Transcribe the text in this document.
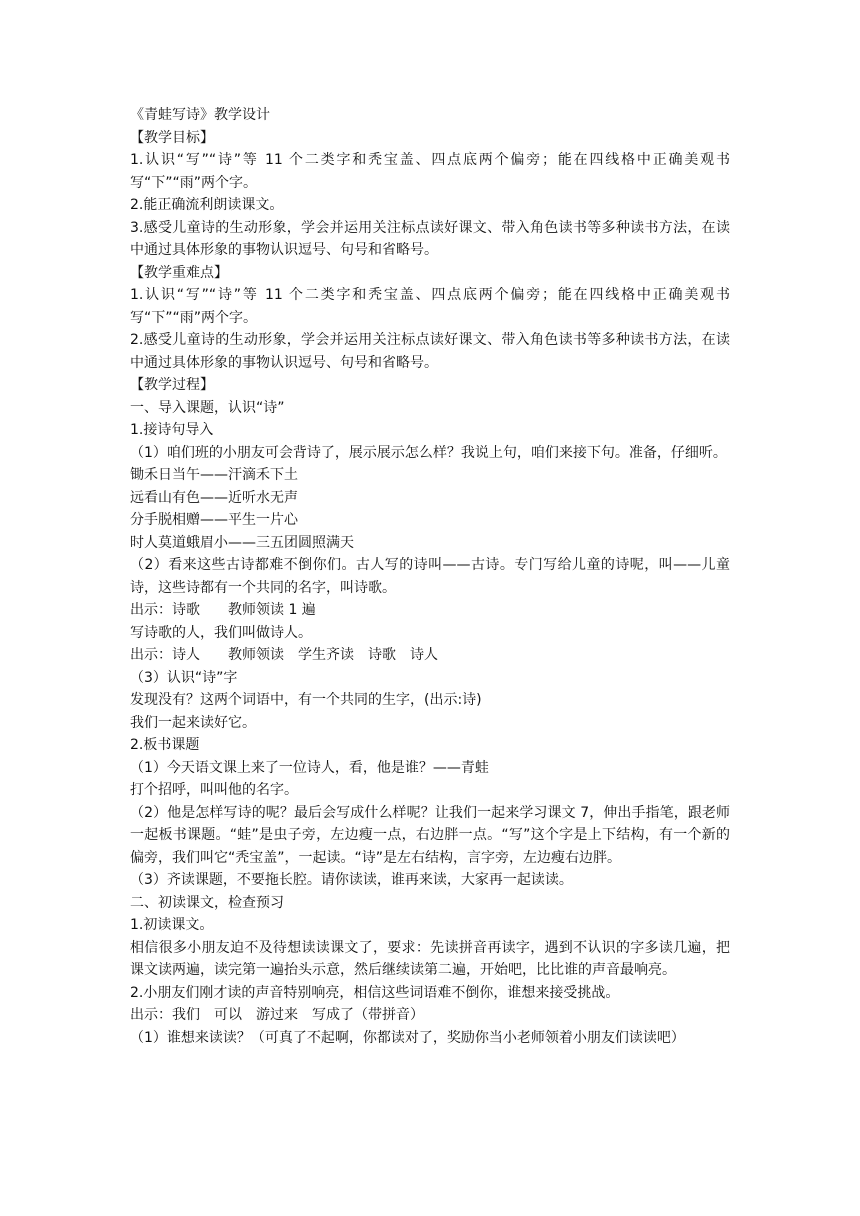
《青蛙写诗》教学设计
【教学目标】
1.认识“写”“诗”等 11 个二类字和秃宝盖、四点底两个偏旁；能在四线格中正确美观书写“下”“雨”两个字。
2.能正确流利朗读课文。
3.感受儿童诗的生动形象，学会并运用关注标点读好课文、带入角色读书等多种读书方法，在读中通过具体形象的事物认识逗号、句号和省略号。
【教学重难点】
1.认识“写”“诗”等 11 个二类字和秃宝盖、四点底两个偏旁；能在四线格中正确美观书写“下”“雨”两个字。
2.感受儿童诗的生动形象，学会并运用关注标点读好课文、带入角色读书等多种读书方法，在读中通过具体形象的事物认识逗号、句号和省略号。
【教学过程】
一、导入课题，认识“诗”
1.接诗句导入
（1）咱们班的小朋友可会背诗了，展示展示怎么样？我说上句，咱们来接下句。准备，仔细听。
锄禾日当午——汗滴禾下土
远看山有色——近听水无声
分手脱相赠——平生一片心
时人莫道蛾眉小——三五团圆照满天
（2）看来这些古诗都难不倒你们。古人写的诗叫——古诗。专门写给儿童的诗呢，叫——儿童诗，这些诗都有一个共同的名字，叫诗歌。
出示：诗歌　　教师领读 1 遍
写诗歌的人，我们叫做诗人。
出示：诗人　　教师领读　学生齐读　诗歌　诗人
（3）认识“诗”字
发现没有？这两个词语中，有一个共同的生字，(出示:诗)
我们一起来读好它。
2.板书课题
（1）今天语文课上来了一位诗人，看，他是谁？——青蛙
打个招呼，叫叫他的名字。
（2）他是怎样写诗的呢？最后会写成什么样呢？让我们一起来学习课文 7，伸出手指笔，跟老师一起板书课题。“蛙”是虫子旁，左边瘦一点，右边胖一点。“写”这个字是上下结构，有一个新的偏旁，我们叫它“秃宝盖”，一起读。“诗”是左右结构，言字旁，左边瘦右边胖。
（3）齐读课题，不要拖长腔。请你读读，谁再来读，大家再一起读读。
二、初读课文，检查预习
1.初读课文。
相信很多小朋友迫不及待想读读课文了，要求：先读拼音再读字，遇到不认识的字多读几遍，把课文读两遍，读完第一遍抬头示意，然后继续读第二遍，开始吧，比比谁的声音最响亮。
2.小朋友们刚才读的声音特别响亮，相信这些词语难不倒你，谁想来接受挑战。
出示：我们　可以　游过来　写成了（带拼音）
（1）谁想来读读？（可真了不起啊，你都读对了，奖励你当小老师领着小朋友们读读吧）
